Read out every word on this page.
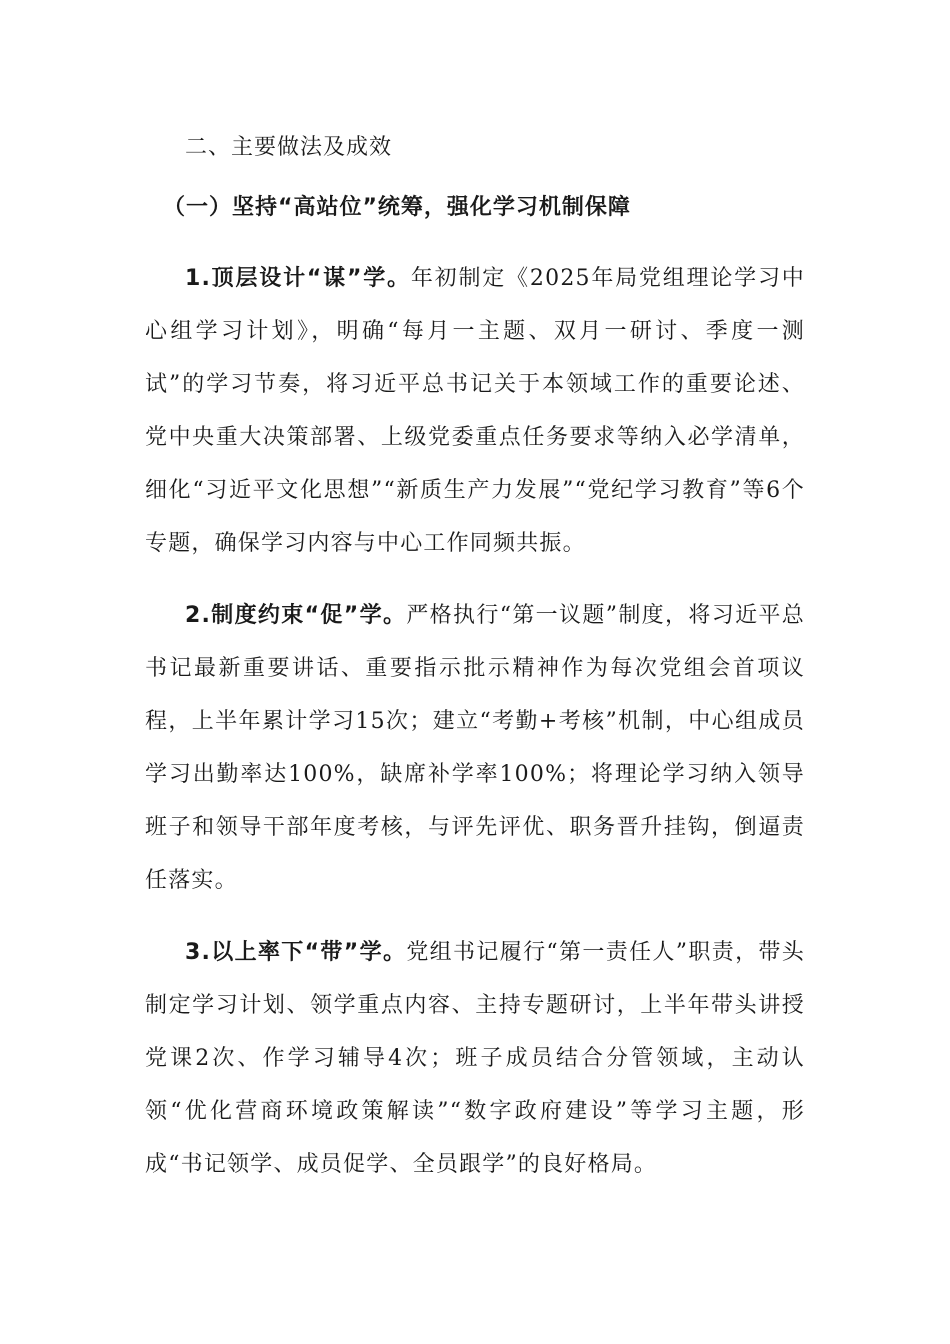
二、主要做法及成效
（一）坚持“高站位”统筹，强化学习机制保障

1.顶层设计“谋”学。年初制定《2025年局党组理论学习中心组学习计划》，明确“每月一主题、双月一研讨、季度一测试”的学习节奏，将习近平总书记关于本领域工作的重要论述、党中央重大决策部署、上级党委重点任务要求等纳入必学清单，细化“习近平文化思想”“新质生产力发展”“党纪学习教育”等6个专题，确保学习内容与中心工作同频共振。

2.制度约束“促”学。严格执行“第一议题”制度，将习近平总书记最新重要讲话、重要指示批示精神作为每次党组会首项议程，上半年累计学习15次；建立“考勤+考核”机制，中心组成员学习出勤率达100%，缺席补学率100%；将理论学习纳入领导班子和领导干部年度考核，与评先评优、职务晋升挂钩，倒逼责任落实。

3.以上率下“带”学。党组书记履行“第一责任人”职责，带头制定学习计划、领学重点内容、主持专题研讨，上半年带头讲授党课2次、作学习辅导4次；班子成员结合分管领域，主动认领“优化营商环境政策解读”“数字政府建设”等学习主题，形成“书记领学、成员促学、全员跟学”的良好格局。
